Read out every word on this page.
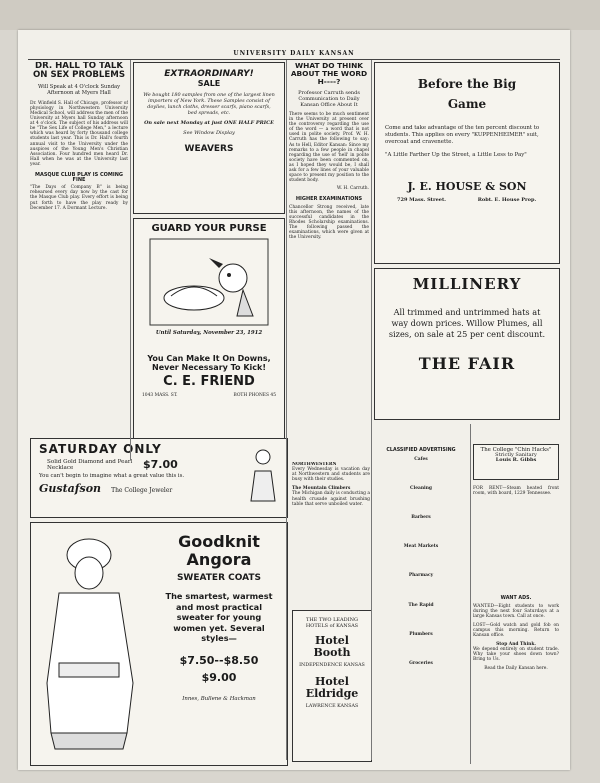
UNIVERSITY DAILY KANSAN
DR. HALL TO TALK
ON SEX PROBLEMS
Will Speak at 4 O'clock Sunday Afternoon at Myers Hall
Dr. Winfield S. Hall of Chicago, professor of physiology in Northwestern University Medical School, will address the men of the University at Myers hall Sunday afternoon at 4 o'clock. The subject of his address will be "The Sex Life of College Men," a lecture which was heard by forty thousand college students last year. This is Dr. Hall's fourth annual visit to the University under the auspices of the Young Men's Christian Association. Four hundred men heard Dr. Hall when he was at the University last year.
MASQUE CLUB PLAY IS COMING FINE
"The Days of Company B" is being rehearsed every day now by the cast for the Masque Club play. Every effort is being put forth to have the play ready by December 17. A Dormant Lecture.
EXTRAORDINARY!
SALE
We bought 180 samples from one of the largest linen importers of New York. These Samples consist of doylies, lunch cloths, dresser scarfs, piano scarfs, bed spreads, etc.
On sale next Monday at just ONE HALF PRICE
See Window Display
WEAVERS
GUARD YOUR PURSE
Until Saturday, November 23, 1912
You Can Make It On Downs, Never Necessary To Kick!
C. E. FRIEND
1043 MASS. ST.	BOTH PHONES 45
WHAT DO THINK
ABOUT THE WORD H----?
Professor Carruth sends Communication to Daily Kansan Office About It
There seems to be much sentiment in the University at present over the controversy regarding the use of the word — a word that is not used in polite society. Prof. W. H. Carruth has the following to say: As to Hell, Editor Kansan: Since my remarks to a few people in chapel regarding the use of 'hell' in polite society have been commented on, as I hoped they would be, I shall ask for a few lines of your valuable space to present my position to the student body.
W. H. Carruth.
HIGHER EXAMINATIONS
Chancellor Strong received, late this afternoon, the names of the successful candidates in the Rhodes Scholarship examinations. The following passed the examinations, which were given at the University.
Before the Big
Game
Come and take advantage of the ten percent discount to students. This applies on every "KUPPENHEIMER" suit, overcoat and cravenette.
"A Little Farther Up the Street, a Little Less to Pay"
J. E. HOUSE & SON
729 Mass. Street.	Robt. E. House Prop.
MILLINERY
All trimmed and untrimmed hats at way down prices. Willow Plumes, all sizes, on sale at 25 per cent discount.
THE FAIR
SATURDAY ONLY
Solid Gold Diamond and Pearl Necklace	$7.00
You can't begin to imagine what a great value this is.
Gustafson The College Jeweler
Goodknit
Angora
SWEATER COATS
The smartest, warmest and most practical sweater for young women yet. Several styles—
$7.50--$8.50
$9.00
Innes, Bullene & Hackman
NORTHWESTERN
Every Wednesday is vacation day at Northwestern and students are busy with their studies.
The Mountain Climbers
The Michigan daily is conducting a health crusade against brushing table that serve unboiled water.
THE TWO LEADING HOTELS of KANSAS
Hotel Booth
INDEPENDENCE KANSAS
Hotel Eldridge
LAWRENCE KANSAS
CLASSIFIED ADVERTISING
Cafes
Cleaning
Barbers
Meat Markets
Pharmacy
The Rapid
Plumbers
Groceries
The College "Chin Hacks"
Strictly Sanitary
Louis R. Gibbs
FOR RENT—Steam heated front room, with board, 1229 Tennessee.
WANT ADS.
WANTED—Eight students to work during the next four Saturdays at a large Kansas town. Call at once.
LOST—Gold watch and gold fob on campus this morning. Return to Kansan office.
Stop And Think.
We depend entirely on student trade. Why take your shoes down town? Bring to Us.
Read the Daily Kansan here.
